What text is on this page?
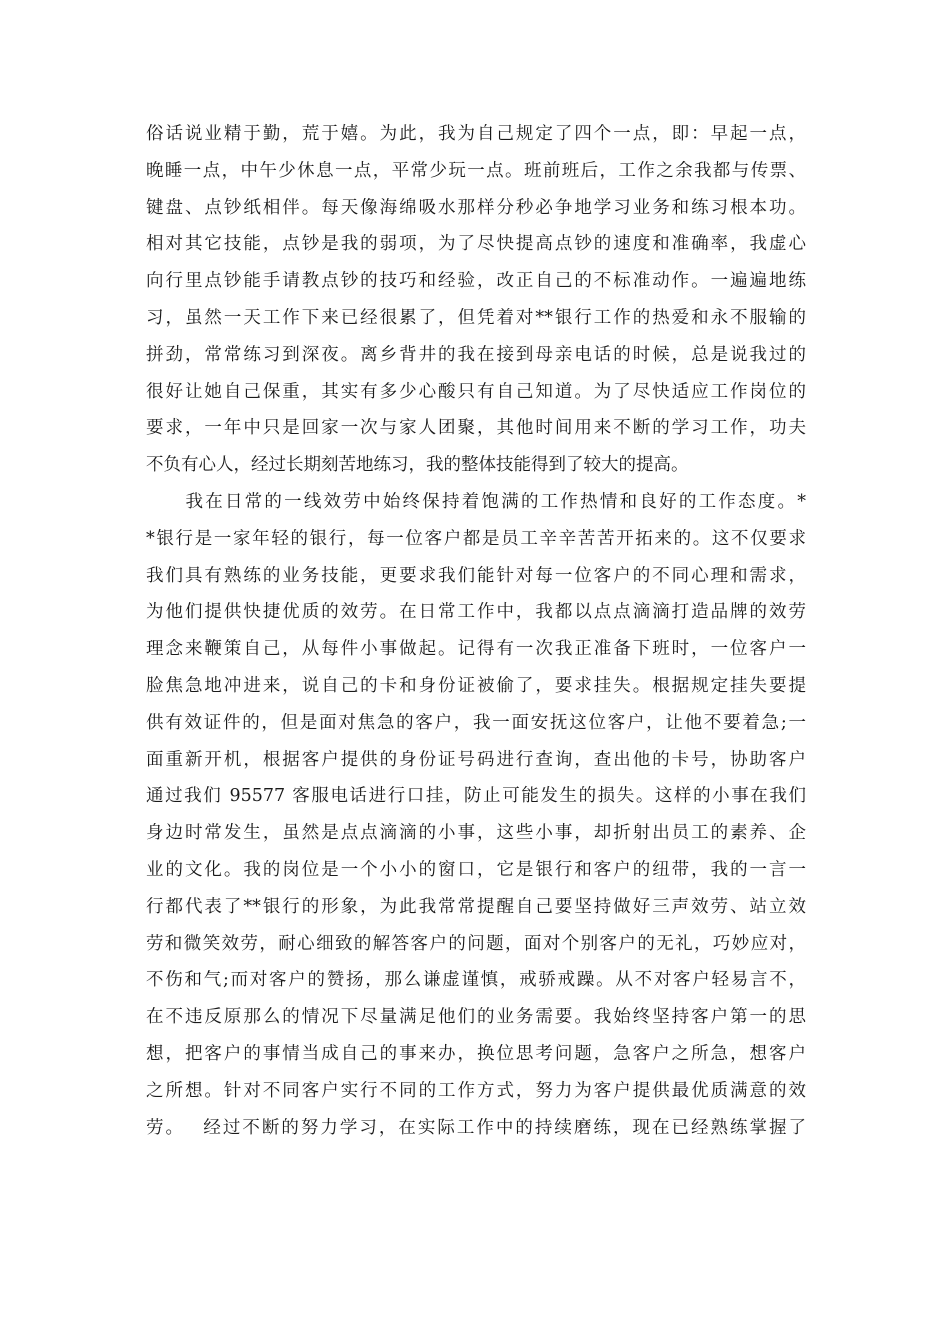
俗话说业精于勤，荒于嬉。为此，我为自己规定了四个一点，即：早起一点，
晚睡一点，中午少休息一点，平常少玩一点。班前班后，工作之余我都与传票、
键盘、点钞纸相伴。每天像海绵吸水那样分秒必争地学习业务和练习根本功。
相对其它技能，点钞是我的弱项，为了尽快提高点钞的速度和准确率，我虚心
向行里点钞能手请教点钞的技巧和经验，改正自己的不标准动作。一遍遍地练
习，虽然一天工作下来已经很累了，但凭着对**银行工作的热爱和永不服输的
拼劲，常常练习到深夜。离乡背井的我在接到母亲电话的时候，总是说我过的
很好让她自己保重，其实有多少心酸只有自己知道。为了尽快适应工作岗位的
要求，一年中只是回家一次与家人团聚，其他时间用来不断的学习工作，功夫
不负有心人，经过长期刻苦地练习，我的整体技能得到了较大的提高。
　　我在日常的一线效劳中始终保持着饱满的工作热情和良好的工作态度。*
*银行是一家年轻的银行，每一位客户都是员工辛辛苦苦开拓来的。这不仅要求
我们具有熟练的业务技能，更要求我们能针对每一位客户的不同心理和需求，
为他们提供快捷优质的效劳。在日常工作中，我都以点点滴滴打造品牌的效劳
理念来鞭策自己，从每件小事做起。记得有一次我正准备下班时，一位客户一
脸焦急地冲进来，说自己的卡和身份证被偷了，要求挂失。根据规定挂失要提
供有效证件的，但是面对焦急的客户，我一面安抚这位客户，让他不要着急;一
面重新开机，根据客户提供的身份证号码进行查询，查出他的卡号，协助客户
通过我们 95577 客服电话进行口挂，防止可能发生的损失。这样的小事在我们
身边时常发生，虽然是点点滴滴的小事，这些小事，却折射出员工的素养、企
业的文化。我的岗位是一个小小的窗口，它是银行和客户的纽带，我的一言一
行都代表了**银行的形象，为此我常常提醒自己要坚持做好三声效劳、站立效
劳和微笑效劳，耐心细致的解答客户的问题，面对个别客户的无礼，巧妙应对，
不伤和气;而对客户的赞扬，那么谦虚谨慎，戒骄戒躁。从不对客户轻易言不，
在不违反原那么的情况下尽量满足他们的业务需要。我始终坚持客户第一的思
想，把客户的事情当成自己的事来办，换位思考问题，急客户之所急，想客户
之所想。针对不同客户实行不同的工作方式，努力为客户提供最优质满意的效
劳。　 经过不断的努力学习，在实际工作中的持续磨练，现在已经熟练掌握了
